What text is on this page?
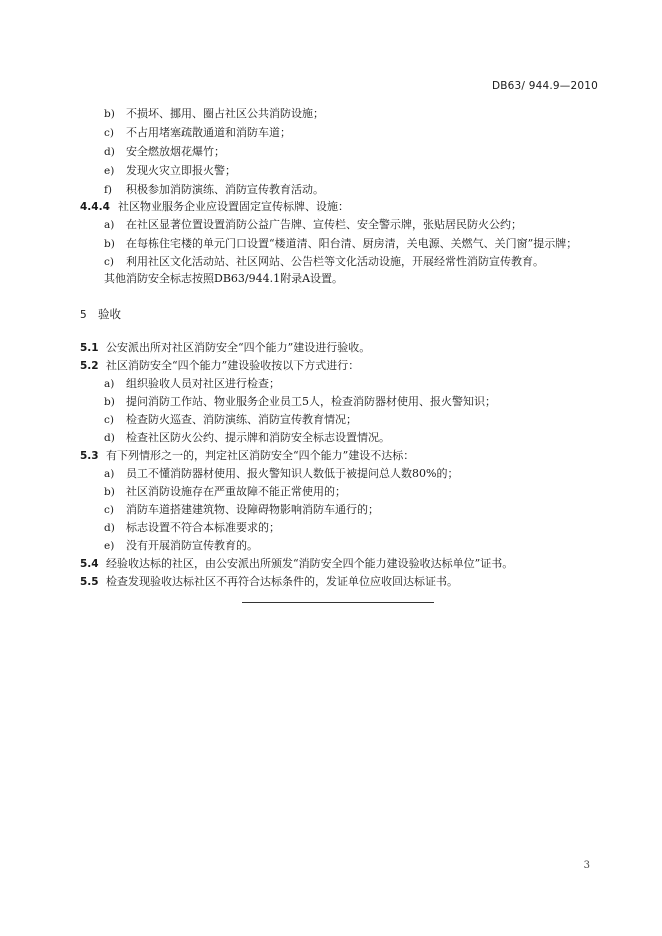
DB63/ 944.9—2010
b) 不损坏、挪用、圈占社区公共消防设施；
c) 不占用堵塞疏散通道和消防车道；
d) 安全燃放烟花爆竹；
e) 发现火灾立即报火警；
f) 积极参加消防演练、消防宣传教育活动。
4.4.4 社区物业服务企业应设置固定宣传标牌、设施：
a) 在社区显著位置设置消防公益广告牌、宣传栏、安全警示牌，张贴居民防火公约；
b) 在每栋住宅楼的单元门口设置“楼道清、阳台清、厨房清，关电源、关燃气、关门窗”提示牌；
c) 利用社区文化活动站、社区网站、公告栏等文化活动设施，开展经常性消防宣传教育。
其他消防安全标志按照DB63/944.1附录A设置。
5 验收
5.1 公安派出所对社区消防安全“四个能力”建设进行验收。
5.2 社区消防安全“四个能力”建设验收按以下方式进行：
a) 组织验收人员对社区进行检查；
b) 提问消防工作站、物业服务企业员工5人，检查消防器材使用、报火警知识；
c) 检查防火巡查、消防演练、消防宣传教育情况；
d) 检查社区防火公约、提示牌和消防安全标志设置情况。
5.3 有下列情形之一的，判定社区消防安全“四个能力”建设不达标：
a) 员工不懂消防器材使用、报火警知识人数低于被提问总人数80%的；
b) 社区消防设施存在严重故障不能正常使用的；
c) 消防车道搭建建筑物、设障碍物影响消防车通行的；
d) 标志设置不符合本标准要求的；
e) 没有开展消防宣传教育的。
5.4 经验收达标的社区，由公安派出所颁发“消防安全四个能力建设验收达标单位”证书。
5.5 检查发现验收达标社区不再符合达标条件的，发证单位应收回达标证书。
3
